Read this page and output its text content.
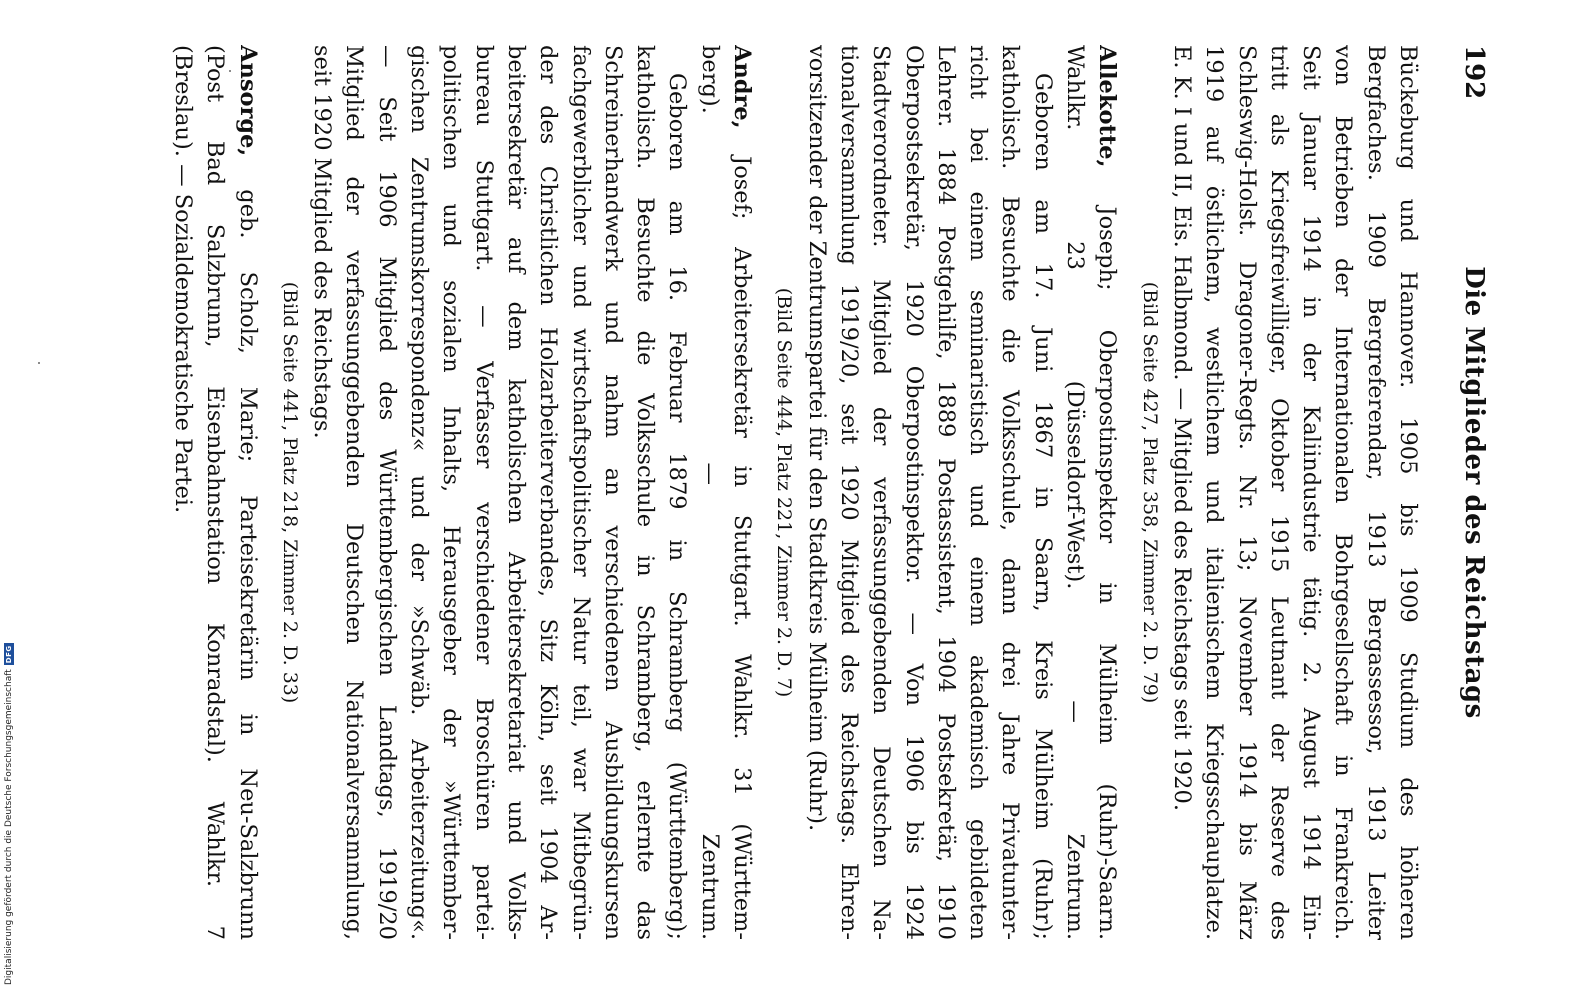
192
Die Mitglieder des Reichstags
Bückeburg und Hannover. 1905 bis 1909 Studium des höheren
Bergfaches. 1909 Bergreferendar, 1913 Bergassessor, 1913 Leiter
von Betrieben der Internationalen Bohrgesellschaft in Frankreich.
Seit Januar 1914 in der Kaliindustrie tätig. 2. August 1914 Ein-
tritt als Kriegsfreiwilliger, Oktober 1915 Leutnant der Reserve des
Schleswig-Holst. Dragoner-Regts. Nr. 13; November 1914 bis März
1919 auf östlichem, westlichem und italienischem Kriegsschauplatze.
E. K. I und II, Eis. Halbmond. — Mitglied des Reichstags seit 1920.
(Bild Seite 427, Platz 358, Zimmer 2. D. 79)
Allekotte, Joseph; Oberpostinspektor in Mülheim (Ruhr)-Saarn.
Wahlkr. 23 (Düsseldorf-West). — Zentrum.
Geboren am 17. Juni 1867 in Saarn, Kreis Mülheim (Ruhr);
katholisch. Besuchte die Volksschule, dann drei Jahre Privatunter-
richt bei einem seminaristisch und einem akademisch gebildeten
Lehrer. 1884 Postgehilfe, 1889 Postassistent, 1904 Postsekretär, 1910
Oberpostsekretär, 1920 Oberpostinspektor. — Von 1906 bis 1924
Stadtverordneter. Mitglied der verfassunggebenden Deutschen Na-
tionalversammlung 1919/20, seit 1920 Mitglied des Reichstags. Ehren-
vorsitzender der Zentrumspartei für den Stadtkreis Mülheim (Ruhr).
(Bild Seite 444, Platz 221, Zimmer 2. D. 7)
Andre, Josef; Arbeitersekretär in Stuttgart. Wahlkr. 31 (Württem-
berg). — Zentrum.
Geboren am 16. Februar 1879 in Schramberg (Württemberg);
katholisch. Besuchte die Volksschule in Schramberg, erlernte das
Schreinerhandwerk und nahm an verschiedenen Ausbildungskursen
fachgewerblicher und wirtschaftspolitischer Natur teil, war Mitbegrün-
der des Christlichen Holzarbeiterverbandes, Sitz Köln, seit 1904 Ar-
beitersekretär auf dem katholischen Arbeitersekretariat und Volks-
bureau Stuttgart. — Verfasser verschiedener Broschüren partei-
politischen und sozialen Inhalts, Herausgeber der »Württember-
gischen Zentrumskorrespondenz« und der »Schwäb. Arbeiterzeitung«.
— Seit 1906 Mitglied des Württembergischen Landtags, 1919/20
Mitglied der verfassunggebenden Deutschen Nationalversammlung,
seit 1920 Mitglied des Reichstags.
(Bild Seite 441, Platz 218, Zimmer 2. D. 33)
Ansorge, geb. Scholz, Marie; Parteisekretärin in Neu-Salzbrunn
(Post Bad Salzbrunn, Eisenbahnstation Konradstal). Wahlkr. 7
(Breslau). — Sozialdemokratische Partei.
Digitalisierung gefördert durch die Deutsche Forschungsgemeinschaft
DFG
